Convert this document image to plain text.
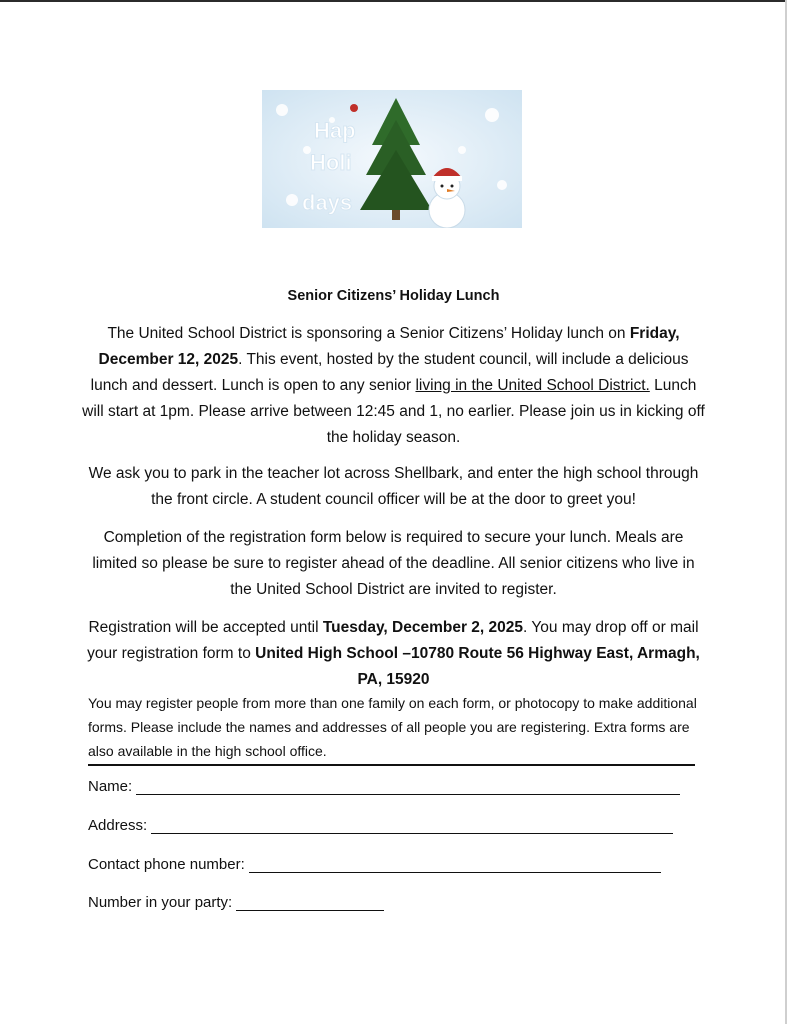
Hap
Holi
days
Senior Citizens’ Holiday Lunch
The United School District is sponsoring a Senior Citizens’ Holiday lunch on Friday, December 12, 2025. This event, hosted by the student council, will include a delicious lunch and dessert. Lunch is open to any senior living in the United School District. Lunch will start at 1pm. Please arrive between 12:45 and 1, no earlier. Please join us in kicking off the holiday season.
We ask you to park in the teacher lot across Shellbark, and enter the high school through the front circle. A student council officer will be at the door to greet you!
Completion of the registration form below is required to secure your lunch. Meals are limited so please be sure to register ahead of the deadline. All senior citizens who live in the United School District are invited to register.
Registration will be accepted until Tuesday, December 2, 2025. You may drop off or mail your registration form to United High School –10780 Route 56 Highway East, Armagh, PA, 15920
You may register people from more than one family on each form, or photocopy to make additional forms. Please include the names and addresses of all people you are registering. Extra forms are also available in the high school office.
Name:
Address:
Contact phone number:
Number in your party:
